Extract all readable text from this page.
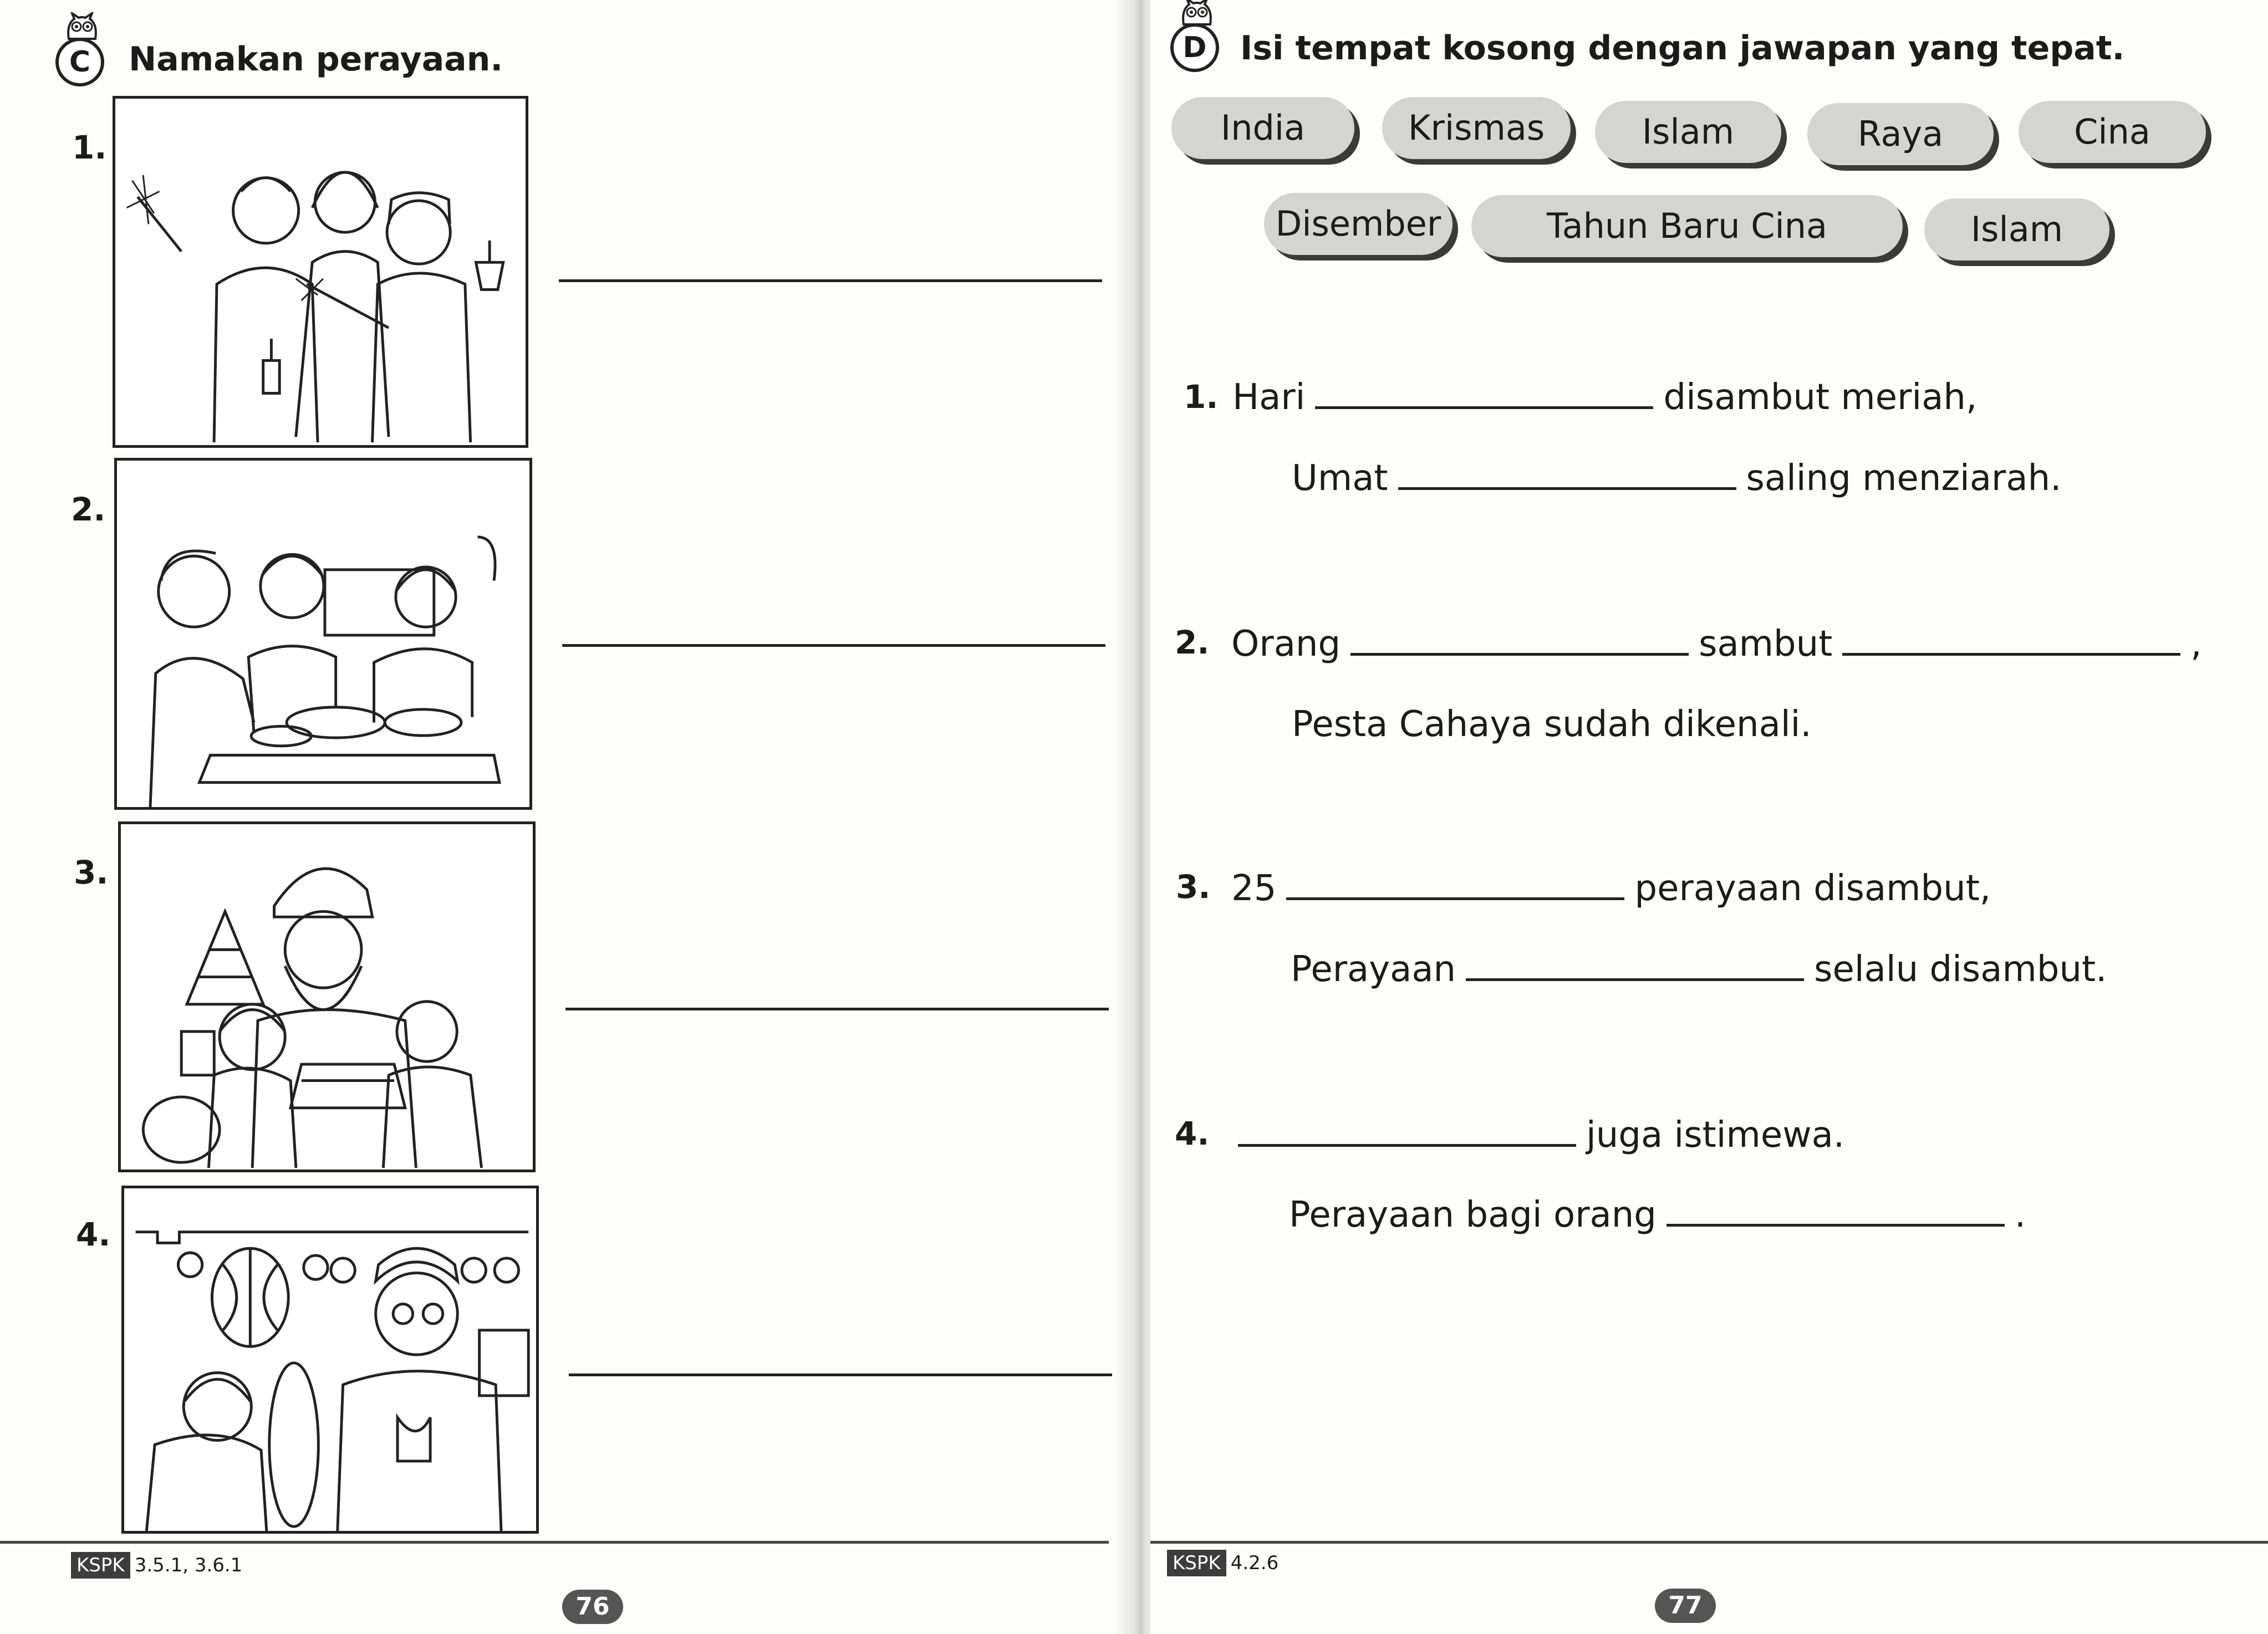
C	Namakan perayaan.
1.
2.
3.
4.
KSPK 3.5.1, 3.6.1
76
D	Isi tempat kosong dengan jawapan yang tepat.
India	Krismas	Islam	Raya	Cina
Disember	Tahun Baru Cina	Islam
1. Hari	disambut meriah,
Umat	saling menziarah.
2. Orang	sambut	,
Pesta Cahaya sudah dikenali.
3. 25	perayaan disambut,
Perayaan	selalu disambut.
4.	juga istimewa.
Perayaan bagi orang	.
KSPK 4.2.6
77
